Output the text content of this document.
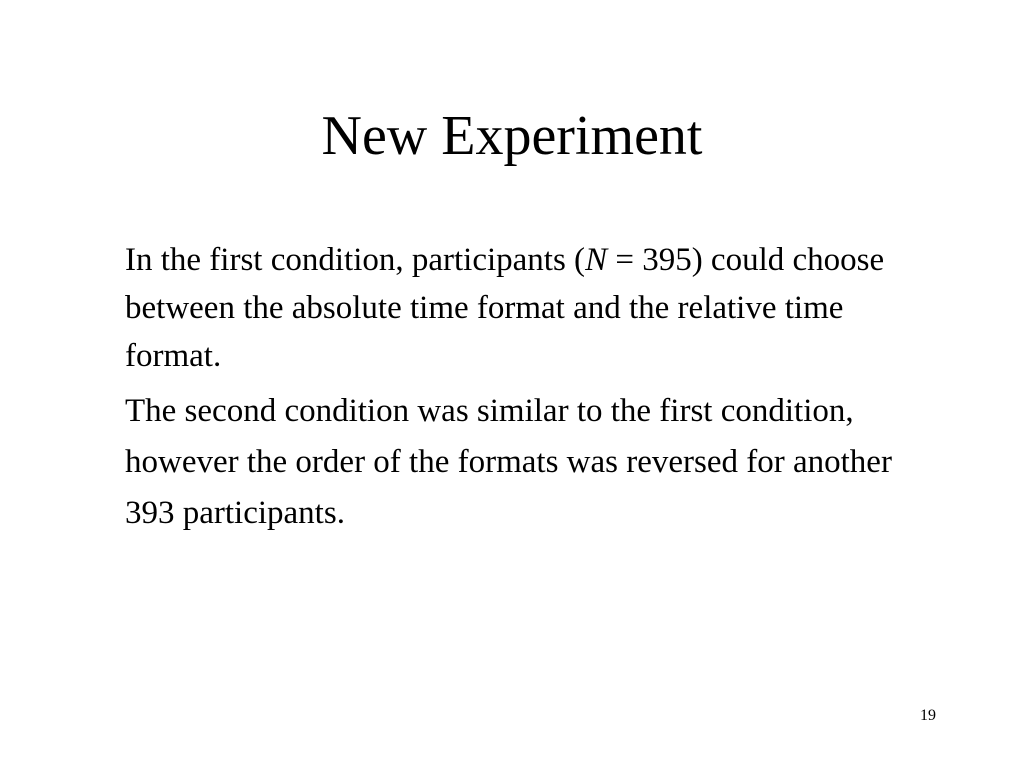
New Experiment

In the first condition, participants (N = 395) could choose between the absolute time format and the relative time format.

The second condition was similar to the first condition, however the order of the formats was reversed for another 393 participants.

19
